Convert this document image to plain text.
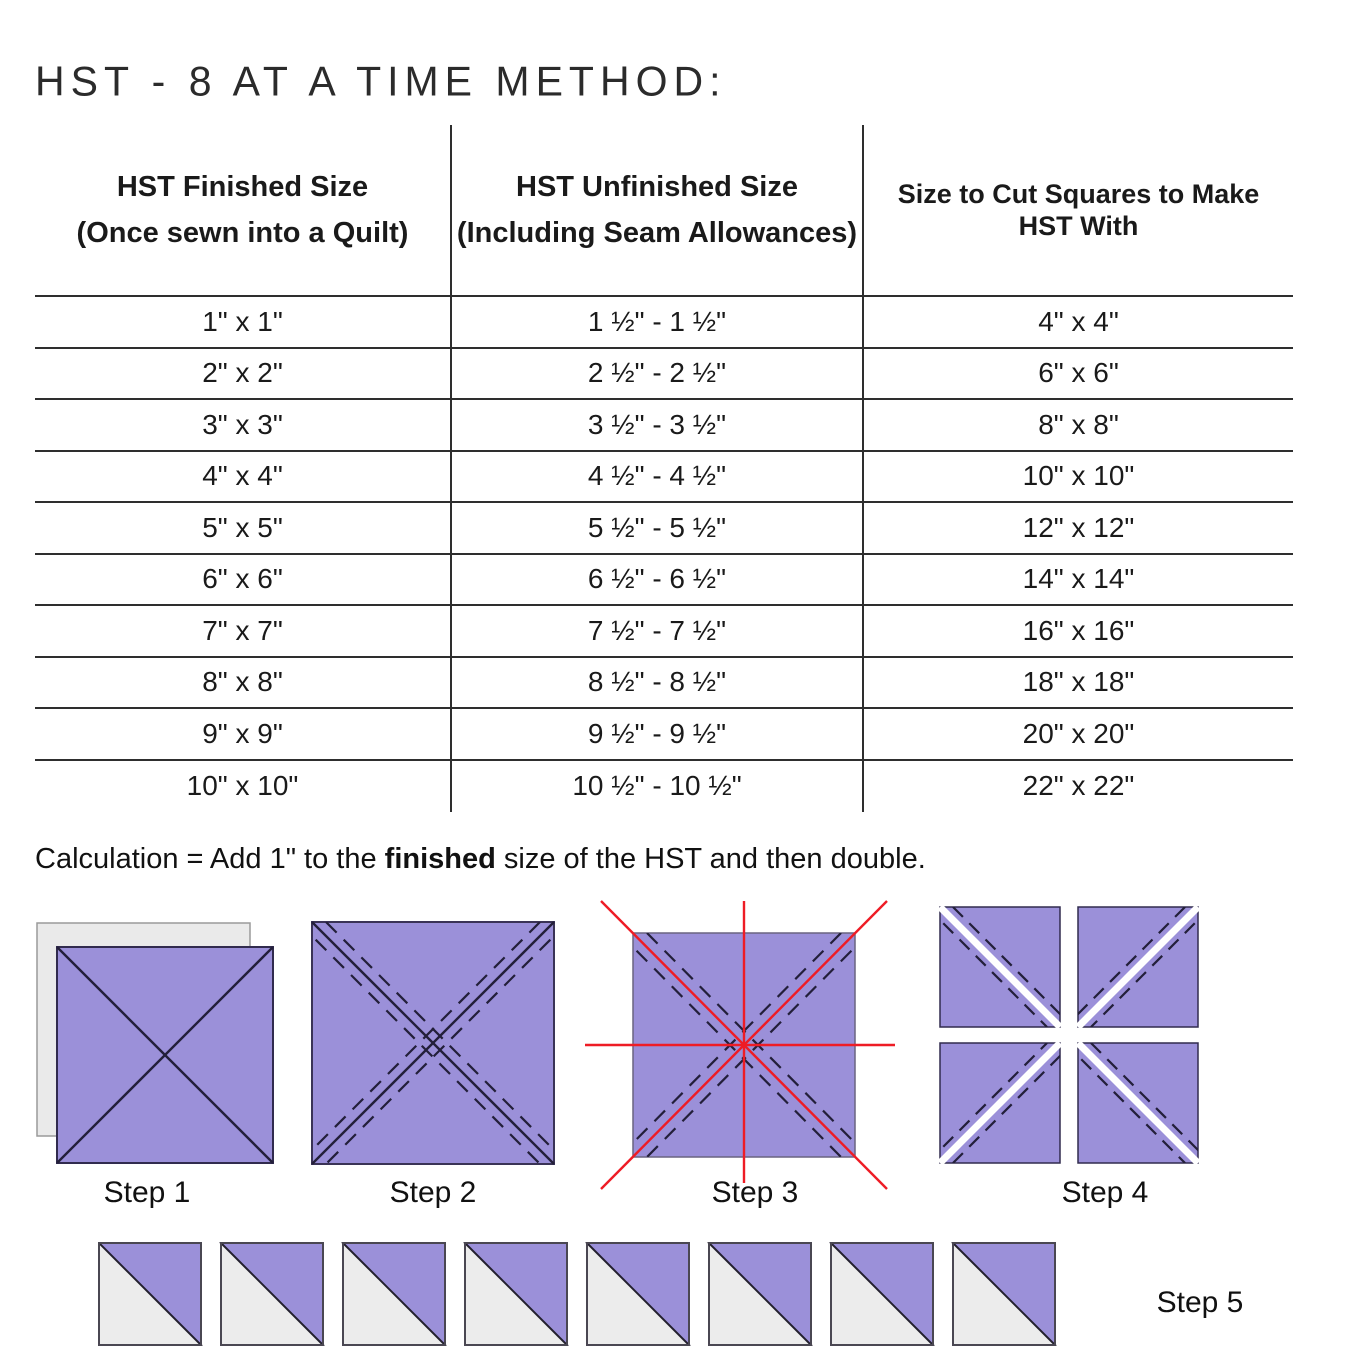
HST - 8 AT A TIME METHOD:
HST Finished Size
(Once sewn into a Quilt)
HST Unfinished Size
(Including Seam Allowances)
Size to Cut Squares to Make
HST With
1" x 1"	1 ½" - 1 ½"	4" x 4"
2" x 2"	2 ½" - 2 ½"	6" x 6"
3" x 3"	3 ½" - 3 ½"	8" x 8"
4" x 4"	4 ½" - 4 ½"	10" x 10"
5" x 5"	5 ½" - 5 ½"	12" x 12"
6" x 6"	6 ½" - 6 ½"	14" x 14"
7" x 7"	7 ½" - 7 ½"	16" x 16"
8" x 8"	8 ½" - 8 ½"	18" x 18"
9" x 9"	9 ½" - 9 ½"	20" x 20"
10" x 10"	10 ½" - 10 ½"	22" x 22"
Calculation = Add 1" to the finished size of the HST and then double.
Step 1	Step 2	Step 3	Step 4
Step 5
